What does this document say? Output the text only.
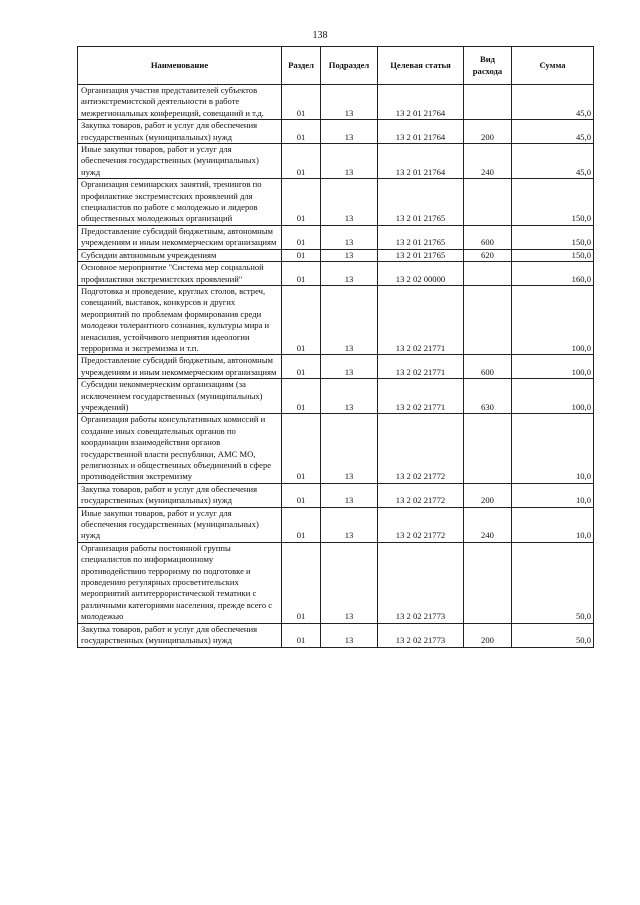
138
Наименование	Раздел	Подраздел	Целевая статья	Вид расхода	Сумма
Организация участия представителей субъектов антиэкстремистской деятельности в работе межрегиональных конференций, совещаний и т.д.	01	13	13 2 01 21764		45,0
Закупка товаров, работ и услуг для обеспечения государственных (муниципальных) нужд	01	13	13 2 01 21764	200	45,0
Иные закупки товаров, работ и услуг для обеспечения государственных (муниципальных) нужд	01	13	13 2 01 21764	240	45,0
Организация семинарских занятий, тренингов по профилактике экстремистских проявлений для специалистов по работе с молодежью и лидеров общественных молодежных организаций	01	13	13 2 01 21765		150,0
Предоставление субсидий бюджетным, автономным учреждениям и иным некоммерческим организациям	01	13	13 2 01 21765	600	150,0
Субсидии автономным учреждениям	01	13	13 2 01 21765	620	150,0
Основное мероприятие "Система мер социальной профилактики экстремистских проявлений"	01	13	13 2 02 00000		160,0
Подготовка и проведение, круглых столов, встреч, совещаний, выставок, конкурсов и других мероприятий по проблемам формирования среди молодежи толерантного сознания, культуры мира и ненасилия, устойчивого неприятия идеологии терроризма и экстремизма и т.п.	01	13	13 2 02 21771		100,0
Предоставление субсидий бюджетным, автономным учреждениям и иным некоммерческим организациям	01	13	13 2 02 21771	600	100,0
Субсидии некоммерческим организациям (за исключением государственных (муниципальных) учреждений)	01	13	13 2 02 21771	630	100,0
Организация работы консультативных комиссий и создание иных совещательных органов по координации взаимодействия органов государственной власти республики, ΑΜС ΜΟ, религиозных и общественных объединений в сфере противодействия экстремизму	01	13	13 2 02 21772		10,0
Закупка товаров, работ и услуг для обеспечения государственных (муниципальных) нужд	01	13	13 2 02 21772	200	10,0
Иные закупки товаров, работ и услуг для обеспечения государственных (муниципальных) нужд	01	13	13 2 02 21772	240	10,0
Организация работы постоянной группы специалистов по информационному противодействию терроризму по подготовке и проведению регулярных просветительских мероприятий антитеррористической тематики с различными категориями населения, прежде всего с молодежью	01	13	13 2 02 21773		50,0
Закупка товаров, работ и услуг для обеспечения государственных (муниципальных) нужд	01	13	13 2 02 21773	200	50,0
